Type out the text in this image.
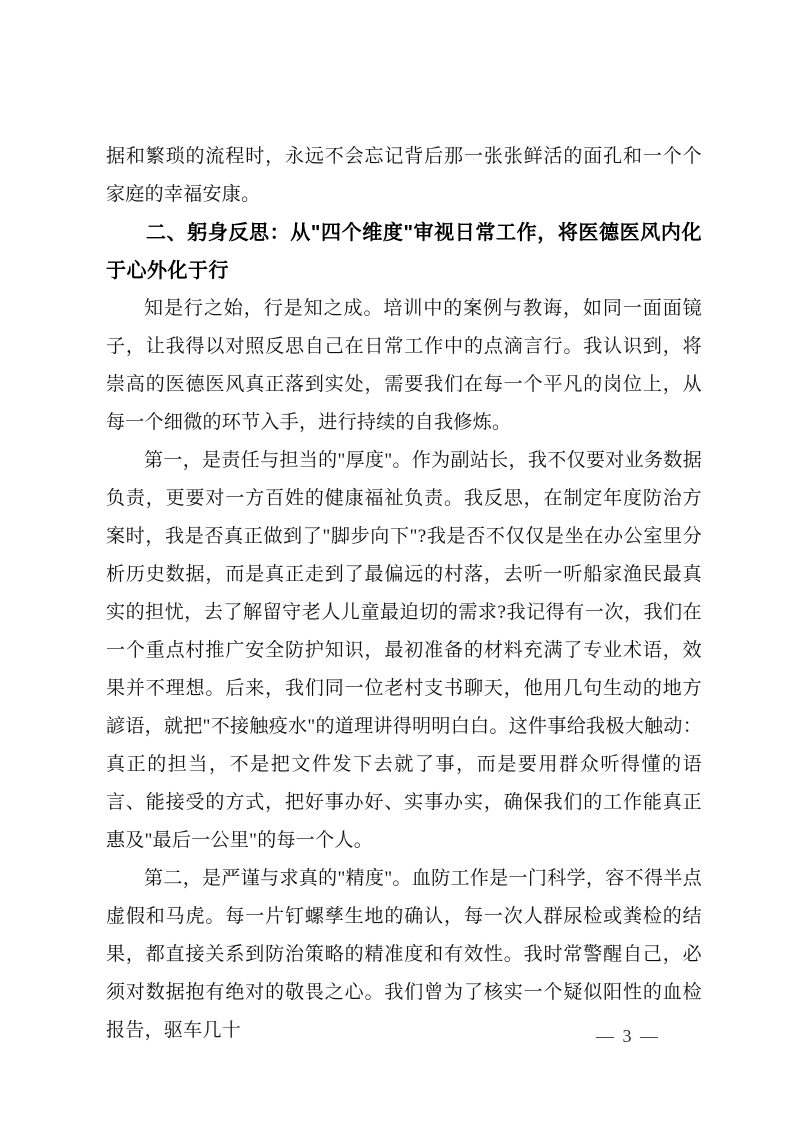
据和繁琐的流程时，永远不会忘记背后那一张张鲜活的面孔和一个个家庭的幸福安康。

二、躬身反思：从"四个维度"审视日常工作，将医德医风内化于心外化于行

知是行之始，行是知之成。培训中的案例与教诲，如同一面面镜子，让我得以对照反思自己在日常工作中的点滴言行。我认识到，将崇高的医德医风真正落到实处，需要我们在每一个平凡的岗位上，从每一个细微的环节入手，进行持续的自我修炼。

第一，是责任与担当的"厚度"。作为副站长，我不仅要对业务数据负责，更要对一方百姓的健康福祉负责。我反思，在制定年度防治方案时，我是否真正做到了"脚步向下"?我是否不仅仅是坐在办公室里分析历史数据，而是真正走到了最偏远的村落，去听一听船家渔民最真实的担忧，去了解留守老人儿童最迫切的需求?我记得有一次，我们在一个重点村推广安全防护知识，最初准备的材料充满了专业术语，效果并不理想。后来，我们同一位老村支书聊天，他用几句生动的地方諺语，就把"不接触疫水"的道理讲得明明白白。这件事给我极大触动：真正的担当，不是把文件发下去就了事，而是要用群众听得懂的语言、能接受的方式，把好事办好、实事办实，确保我们的工作能真正惠及"最后一公里"的每一个人。

第二，是严谨与求真的"精度"。血防工作是一门科学，容不得半点虚假和马虎。每一片钉螺孳生地的确认，每一次人群尿检或粪检的结果，都直接关系到防治策略的精准度和有效性。我时常警醒自己，必须对数据抱有绝对的敬畏之心。我们曾为了核实一个疑似阳性的血检报告，驱车几十	— 3 —
